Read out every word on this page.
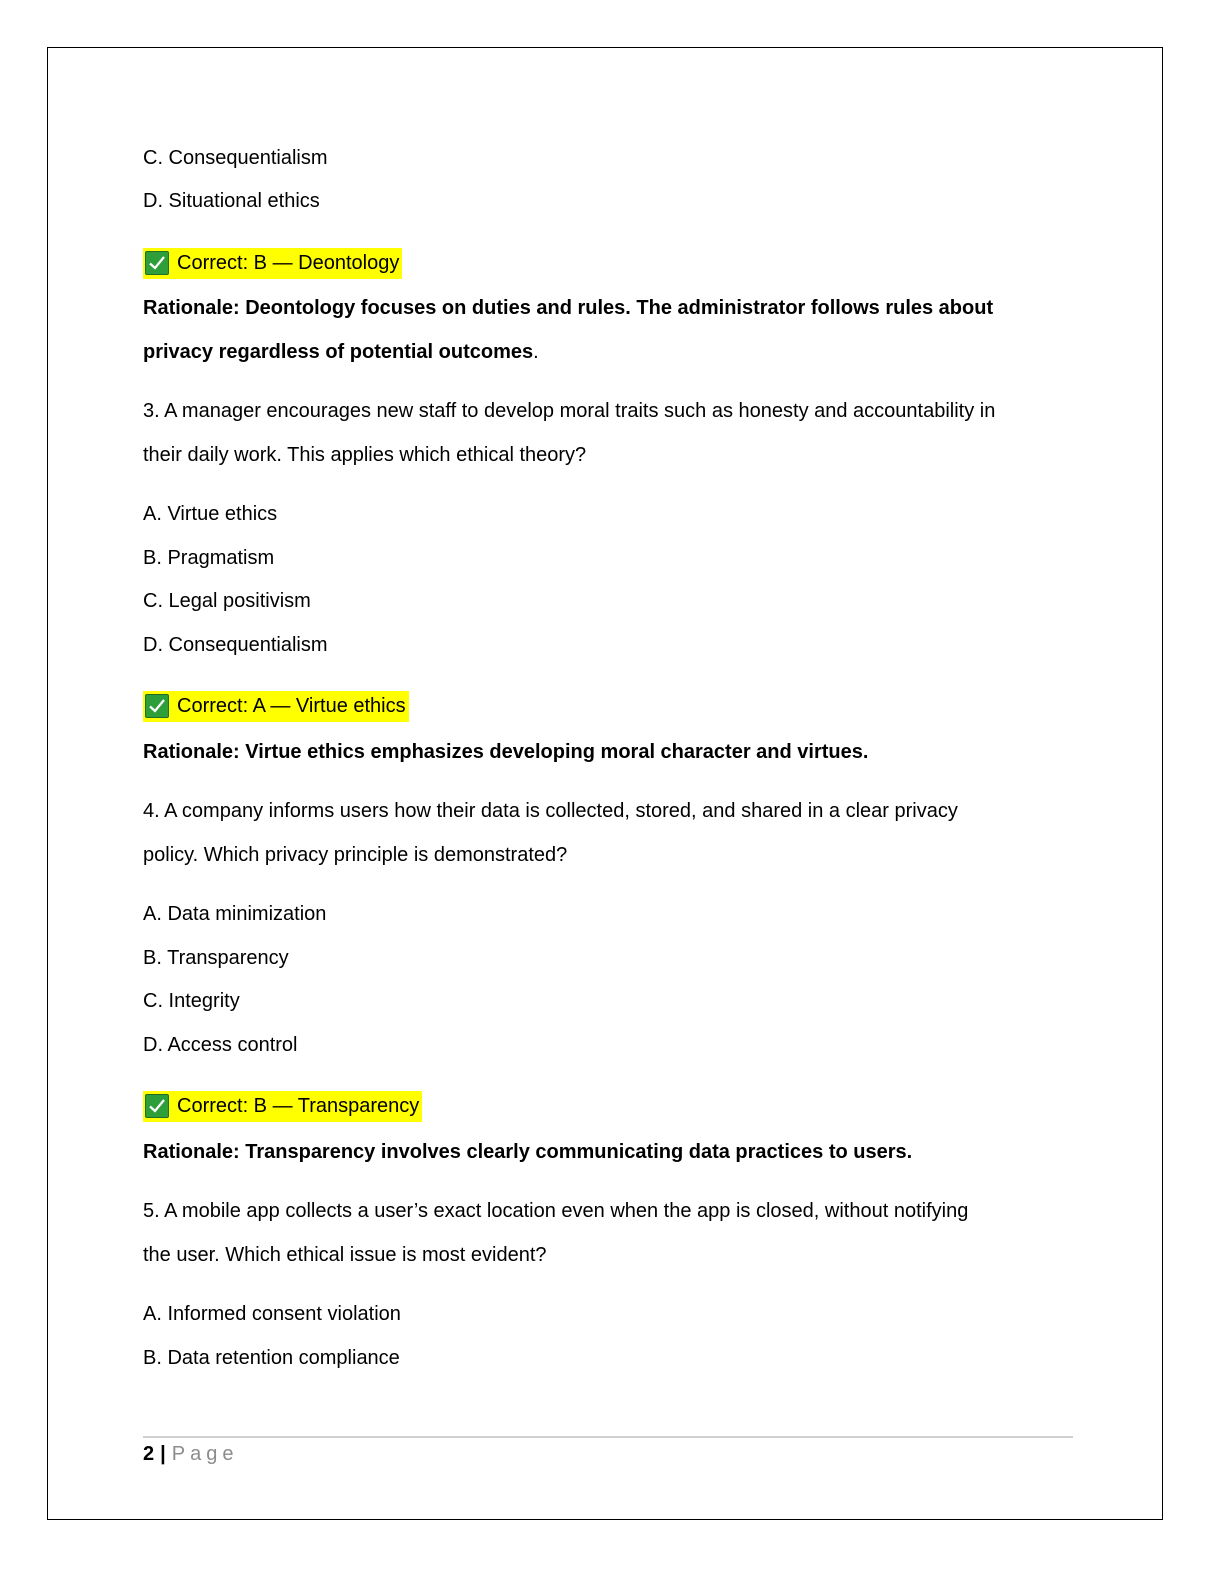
C. Consequentialism
D. Situational ethics
Correct: B — Deontology
Rationale: Deontology focuses on duties and rules. The administrator follows rules about
privacy regardless of potential outcomes.
3. A manager encourages new staff to develop moral traits such as honesty and accountability in
their daily work. This applies which ethical theory?
A. Virtue ethics
B. Pragmatism
C. Legal positivism
D. Consequentialism
Correct: A — Virtue ethics
Rationale: Virtue ethics emphasizes developing moral character and virtues.
4. A company informs users how their data is collected, stored, and shared in a clear privacy
policy. Which privacy principle is demonstrated?
A. Data minimization
B. Transparency
C. Integrity
D. Access control
Correct: B — Transparency
Rationale: Transparency involves clearly communicating data practices to users.
5. A mobile app collects a user’s exact location even when the app is closed, without notifying
the user. Which ethical issue is most evident?
A. Informed consent violation
B. Data retention compliance
2 | Page
